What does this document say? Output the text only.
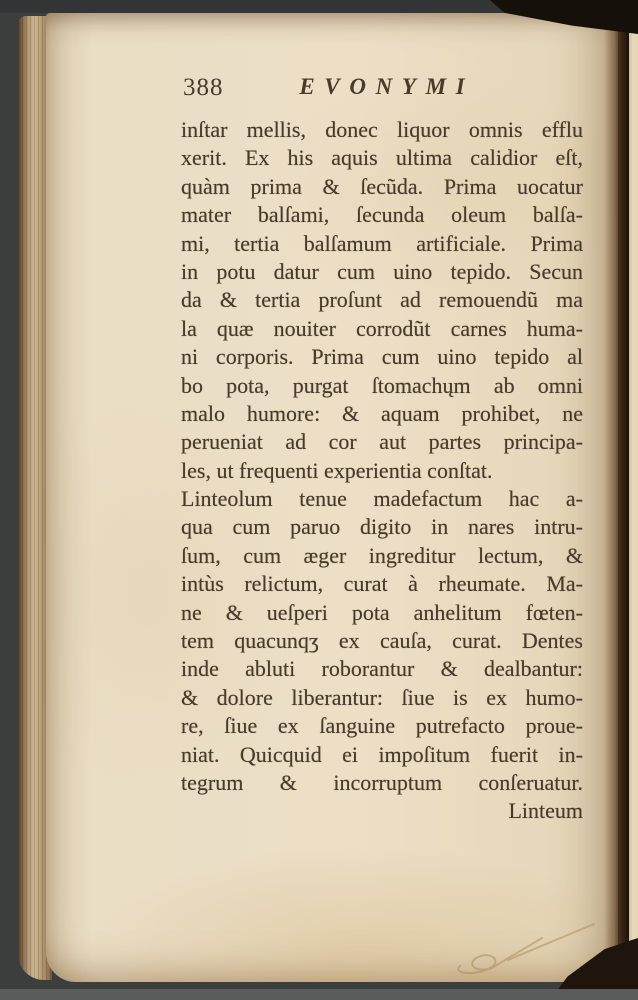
388	EVONYMI
inſtar mellis, donec liquor omnis efflu
xerit. Ex his aquis ultima calidior eſt,
quàm prima & ſecũda. Prima uocatur
mater balſami, ſecunda oleum balſa-
mi, tertia balſamum artificiale. Prima
in potu datur cum uino tepido. Secun
da & tertia proſunt ad remouendũ ma
la quæ nouiter corrodũt carnes huma-
ni corporis. Prima cum uino tepido al
bo pota, purgat ſtomachųm ab omni
malo humore: & aquam prohibet, ne
perueniat ad cor aut partes principa-
les, ut frequenti experientia conſtat.
Linteolum tenue madefactum hac a-
qua cum paruo digito in nares intru-
ſum, cum æger ingreditur lectum, &
intùs relictum, curat à rheumate. Ma-
ne & ueſperi pota anhelitum fœten-
tem quacunqʒ ex cauſa, curat. Dentes
inde abluti roborantur & dealbantur:
& dolore liberantur: ſiue is ex humo-
re, ſiue ex ſanguine putrefacto proue-
niat. Quicquid ei impoſitum fuerit in-
tegrum & incorruptum conſeruatur.
Linteum
